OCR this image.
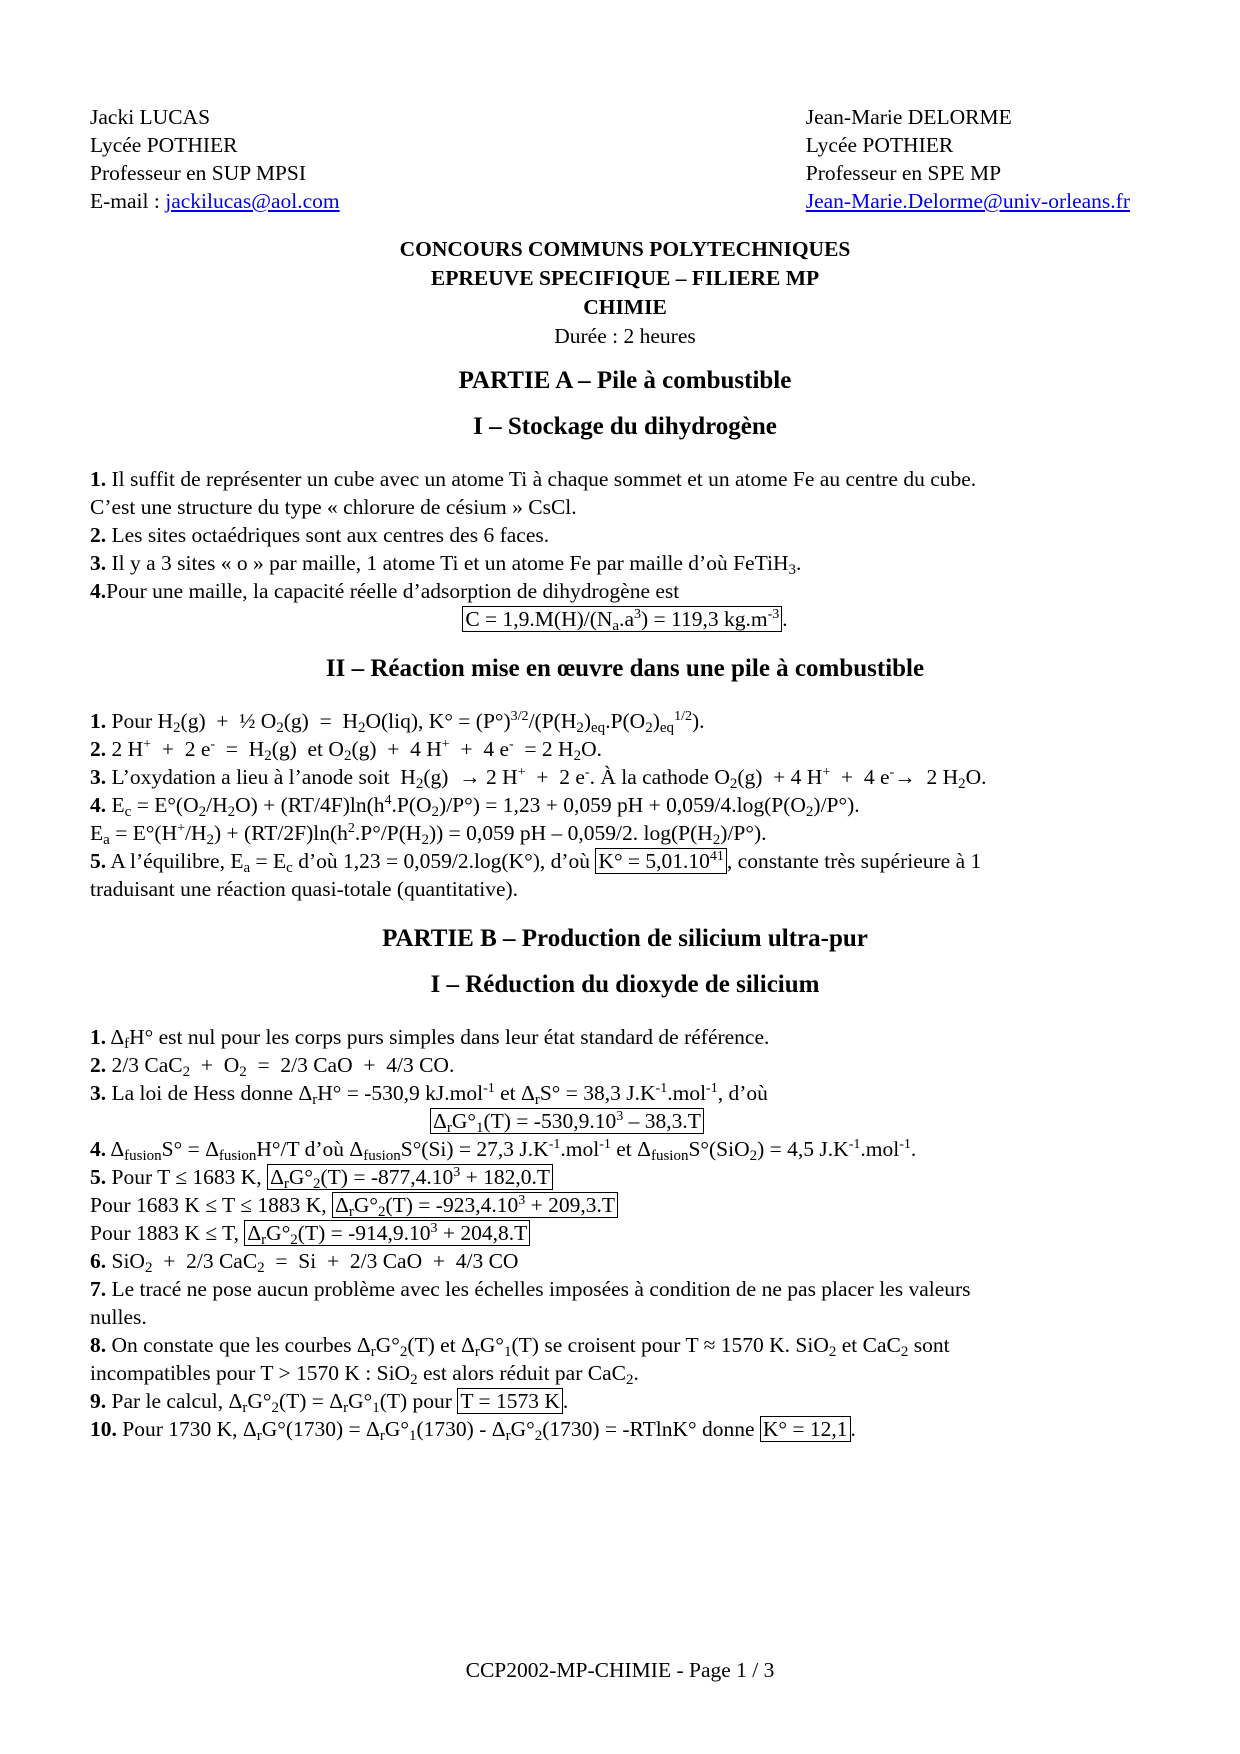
Jacki LUCAS

Lycée POTHIER

Professeur en SUP MPSI

E-mail : jackilucas@aol.com

Jean-Marie DELORME

Lycée POTHIER

Professeur en SPE MP

Jean-Marie.Delorme@univ-orleans.fr

CONCOURS COMMUNS POLYTECHNIQUES

EPREUVE SPECIFIQUE – FILIERE MP

CHIMIE

Durée : 2 heures

PARTIE A – Pile à combustible
I – Stockage du dihydrogène

1. Il suffit de représenter un cube avec un atome Ti à chaque sommet et un atome Fe au centre du cube.

C’est une structure du type « chlorure de césium » CsCl.

2. Les sites octaédriques sont aux centres des 6 faces.

3. Il y a 3 sites « o » par maille, 1 atome Ti et un atome Fe par maille d’où FeTiH$_3$.

4.Pour une maille, la capacité réelle d’adsorption de dihydrogène est

$C = 1,9.M(H)/(N_a.a^3) = 119,3$ $kg.m^{-3}$ .

II – Réaction mise en œuvre dans une pile à combustible

1. Pour $H_2(g)$  +  ½ $O_2(g) = H_2O(liq)$, $K^\circ = (P^\circ)^{3/2}/(P(H_2)_{eq}.P(O_2)_{eq}^{1/2})$.

2. 2 H+  +  2 $e^- = H_2(g)$  et $O_2(g) + 4$ H+  +  4 e-  = 2 $H_2O$.

3. L’oxydation a lieu à l’anode soit  $H_2(g) \to 2$ H+  +  2 e-. À la cathode $O_2(g) + 4$ H+  +  4 e-→  2 $H_2O$.

4. $E_c = E^\circ(O_2/H_2O) + (RT/4F)\ln(h^4.P(O_2)/P^\circ) = 1,23 + 0,059$ pH + $0,059/4.\log(P(O_2)/P^\circ)$.

$E_a = E^\circ(H^+/H_2) + (RT/2F)\ln(h^2.P^\circ/P(H_2)) = 0,059$ pH – 0,059/2. $\log(P(H_2)/P^\circ)$.

5. A l’équilibre, $E_a = E_c$ d’où 1,23 = 0,059/2.log(K°), d’où $K^\circ = 5,01.10^{41}$ , constante très supérieure à 1

traduisant une réaction quasi-totale (quantitative).

PARTIE B – Production de silicium ultra-pur
I – Réduction du dioxyde de silicium

1. $\Delta_fH^\circ$ est nul pour les corps purs simples dans leur état standard de référence.

2. 2/3 $CaC_2 + O_2 = 2/3$ CaO  +  4/3 CO.

3. La loi de Hess donne $\Delta_rH^\circ = -530,9$ kJ.mol$^{-1}$ et $\Delta_rS^\circ = 38,3$ $J.K^{-1}.mol^{-1}$, d’où

$\Delta_rG^\circ_1(T) = -530,9.10^3 - 38,3.T$

4. $\Delta_{fusion}S^\circ = \Delta_{fusion}H^\circ/T$ d’où $\Delta_{fusion}S^\circ(Si) = 27,3$ $J.K^{-1}.mol^{-1}$ et $\Delta_{fusion}S^\circ(SiO_2) = 4,5$ $J.K^{-1}.mol^{-1}$.

5. Pour T ≤ 1683 K, $\Delta_rG^\circ_2(T) = -877,4.10^3 + 182,0.T$

Pour 1683 K ≤ T ≤ 1883 K, $\Delta_rG^\circ_2(T) = -923,4.10^3 + 209,3.T$

Pour 1883 K ≤ T, $\Delta_rG^\circ_2(T) = -914,9.10^3 + 204,8.T$

6. SiO$_2$  +  2/3 CaC$_2$  =  Si  +  2/3 CaO  +  4/3 CO

7. Le tracé ne pose aucun problème avec les échelles imposées à condition de ne pas placer les valeurs

nulles.

8. On constate que les courbes $\Delta_rG^\circ_2(T)$ et $\Delta_rG^\circ_1(T)$ se croisent pour T ≈ 1570 K. SiO$_2$ et CaC$_2$ sont

incompatibles pour T > 1570 K : SiO$_2$ est alors réduit par CaC$_2$.

9. Par le calcul, $\Delta_rG^\circ_2(T) = \Delta_rG^\circ_1(T)$ pour T = 1573 K .

10. Pour 1730 K, $\Delta_rG^\circ(1730) = \Delta_rG^\circ_1(1730) - \Delta_rG^\circ_2(1730) = -RTlnK^\circ$ donne K° = 12,1 .

CCP2002-MP-CHIMIE - Page 1 / 3
